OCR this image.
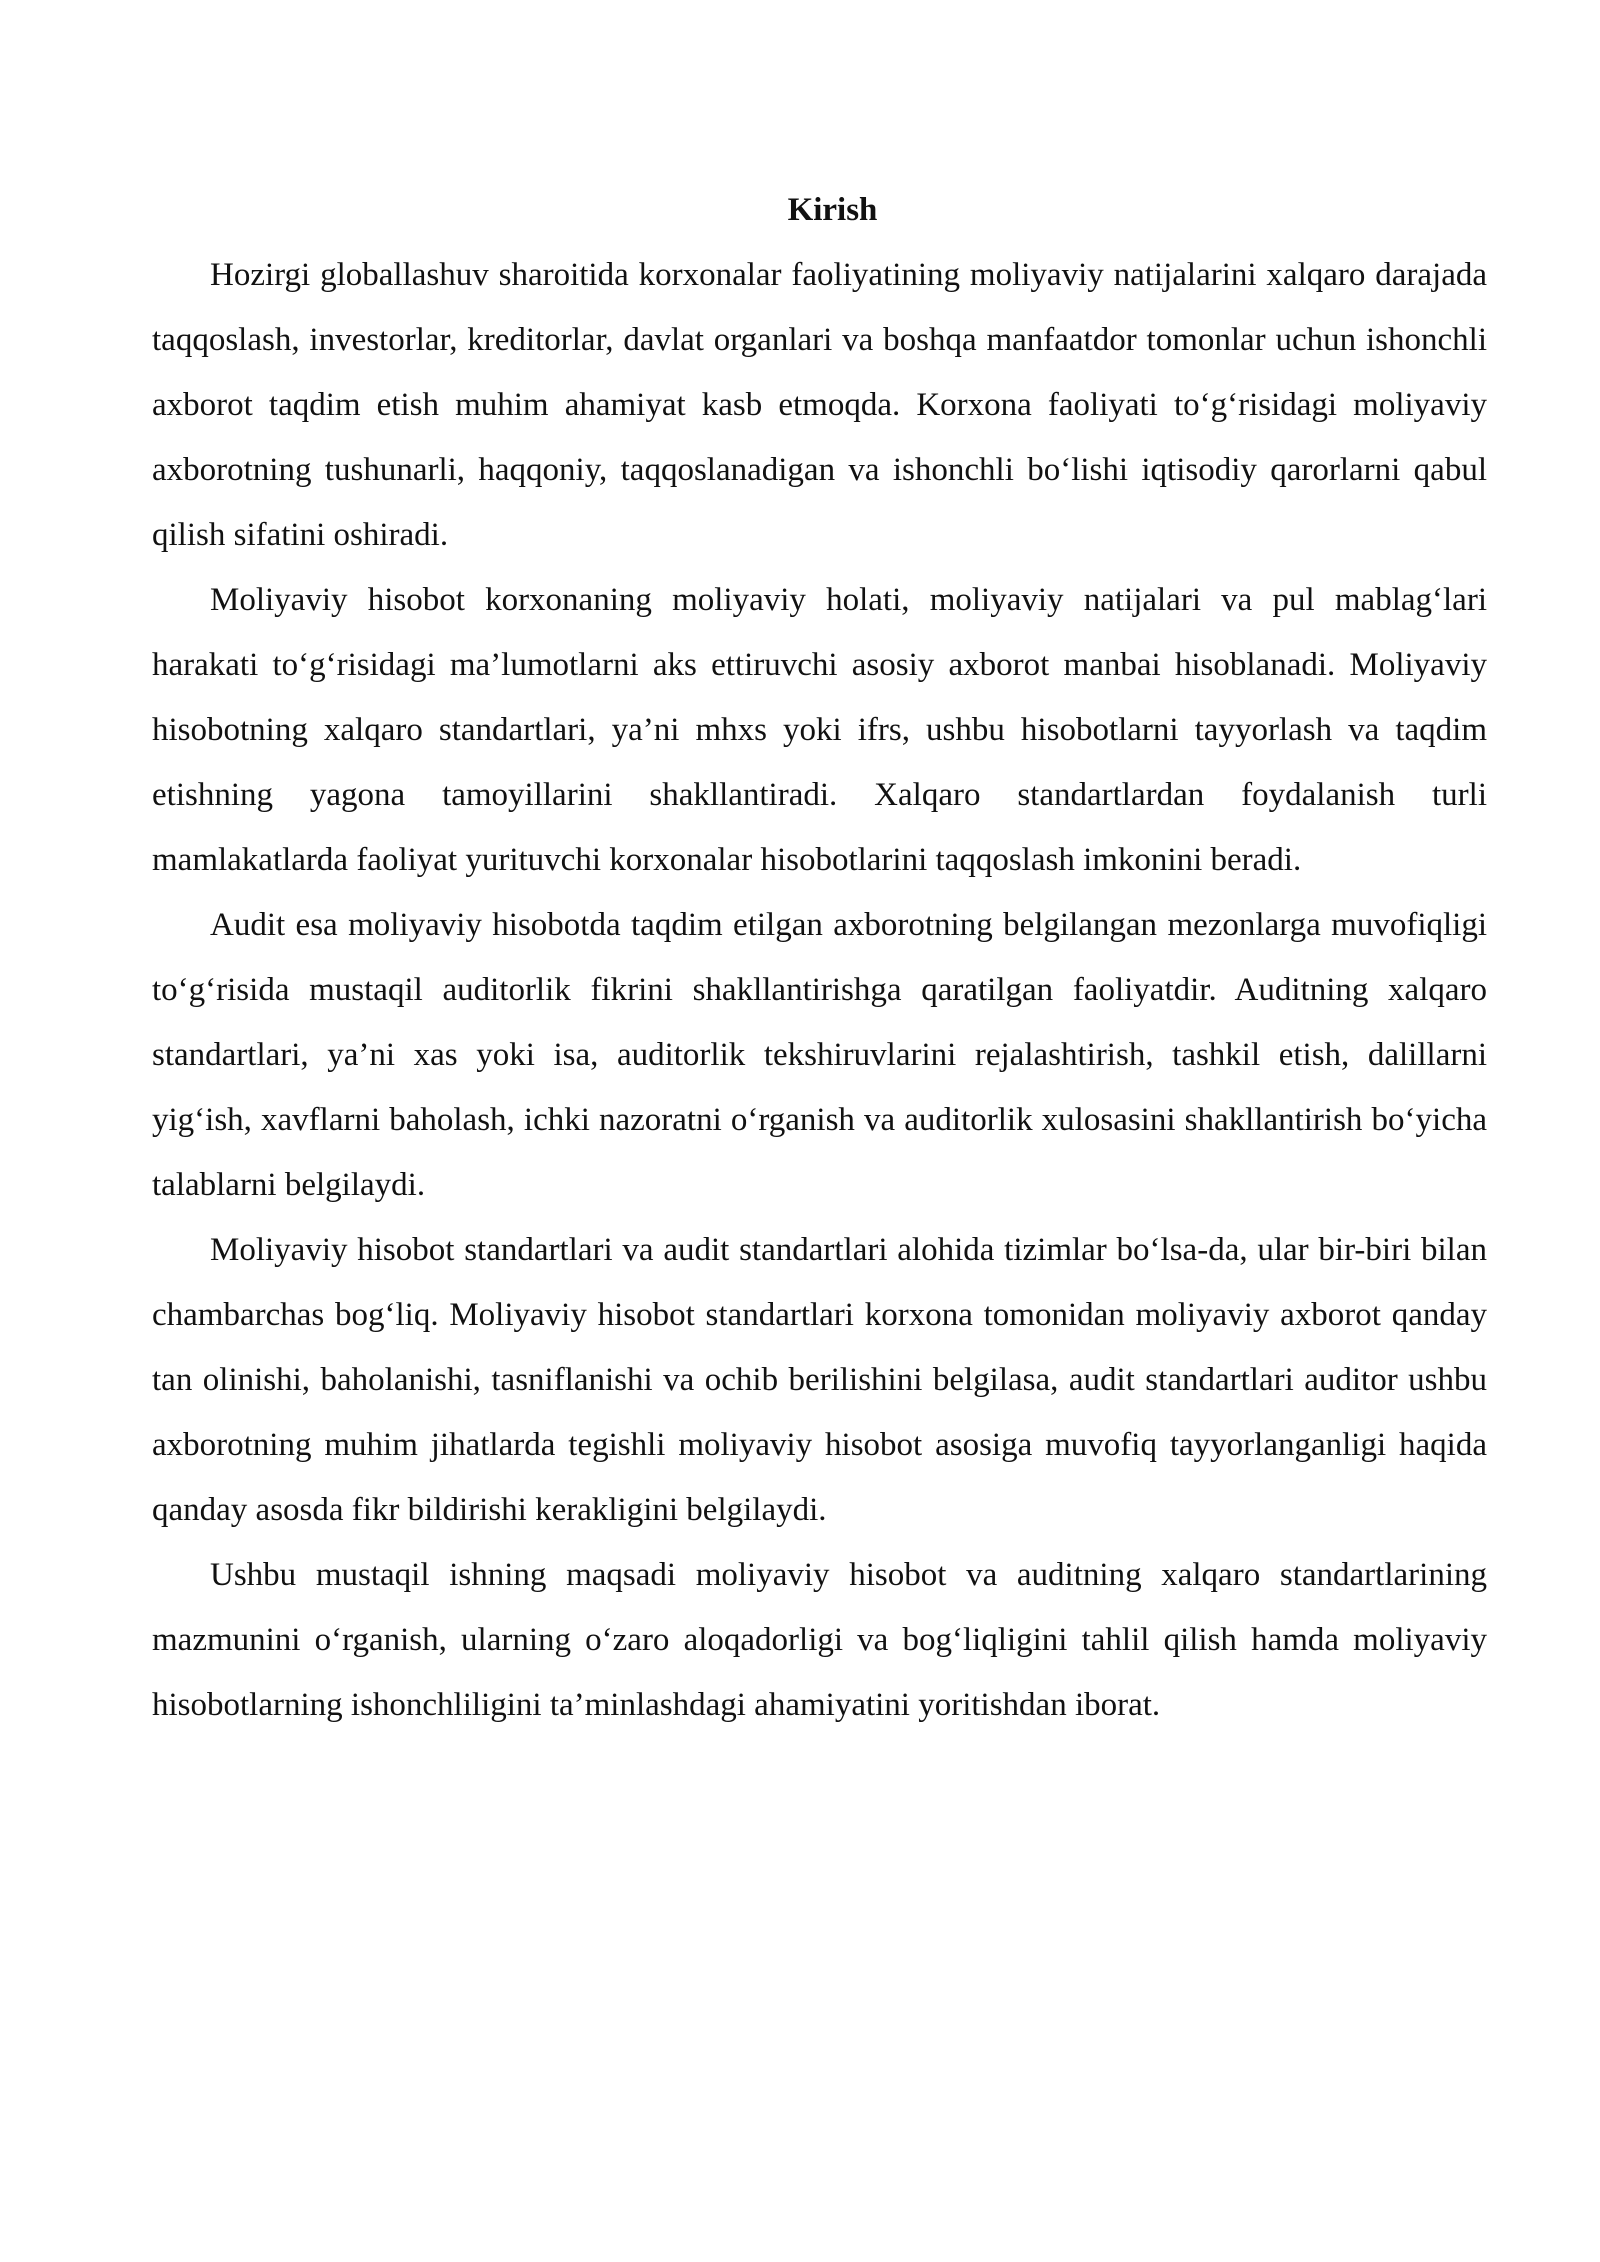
Kirish

Hozirgi globallashuv sharoitida korxonalar faoliyatining moliyaviy natijalarini xalqaro darajada taqqoslash, investorlar, kreditorlar, davlat organlari va boshqa manfaatdor tomonlar uchun ishonchli axborot taqdim etish muhim ahamiyat kasb etmoqda. Korxona faoliyati to‘g‘risidagi moliyaviy axborotning tushunarli, haqqoniy, taqqoslanadigan va ishonchli bo‘lishi iqtisodiy qarorlarni qabul qilish sifatini oshiradi.

Moliyaviy hisobot korxonaning moliyaviy holati, moliyaviy natijalari va pul mablag‘lari harakati to‘g‘risidagi ma’lumotlarni aks ettiruvchi asosiy axborot manbai hisoblanadi. Moliyaviy hisobotning xalqaro standartlari, ya’ni mhxs yoki ifrs, ushbu hisobotlarni tayyorlash va taqdim etishning yagona tamoyillarini shakllantiradi. Xalqaro standartlardan foydalanish turli mamlakatlarda faoliyat yurituvchi korxonalar hisobotlarini taqqoslash imkonini beradi.

Audit esa moliyaviy hisobotda taqdim etilgan axborotning belgilangan mezonlarga muvofiqligi to‘g‘risida mustaqil auditorlik fikrini shakllantirishga qaratilgan faoliyatdir. Auditning xalqaro standartlari, ya’ni xas yoki isa, auditorlik tekshiruvlarini rejalashtirish, tashkil etish, dalillarni yig‘ish, xavflarni baholash, ichki nazoratni o‘rganish va auditorlik xulosasini shakllantirish bo‘yicha talablarni belgilaydi.

Moliyaviy hisobot standartlari va audit standartlari alohida tizimlar bo‘lsa-da, ular bir-biri bilan chambarchas bog‘liq. Moliyaviy hisobot standartlari korxona tomonidan moliyaviy axborot qanday tan olinishi, baholanishi, tasniflanishi va ochib berilishini belgilasa, audit standartlari auditor ushbu axborotning muhim jihatlarda tegishli moliyaviy hisobot asosiga muvofiq tayyorlanganligi haqida qanday asosda fikr bildirishi kerakligini belgilaydi.

Ushbu mustaqil ishning maqsadi moliyaviy hisobot va auditning xalqaro standartlarining mazmunini o‘rganish, ularning o‘zaro aloqadorligi va bog‘liqligini tahlil qilish hamda moliyaviy hisobotlarning ishonchliligini ta’minlashdagi ahamiyatini yoritishdan iborat.
